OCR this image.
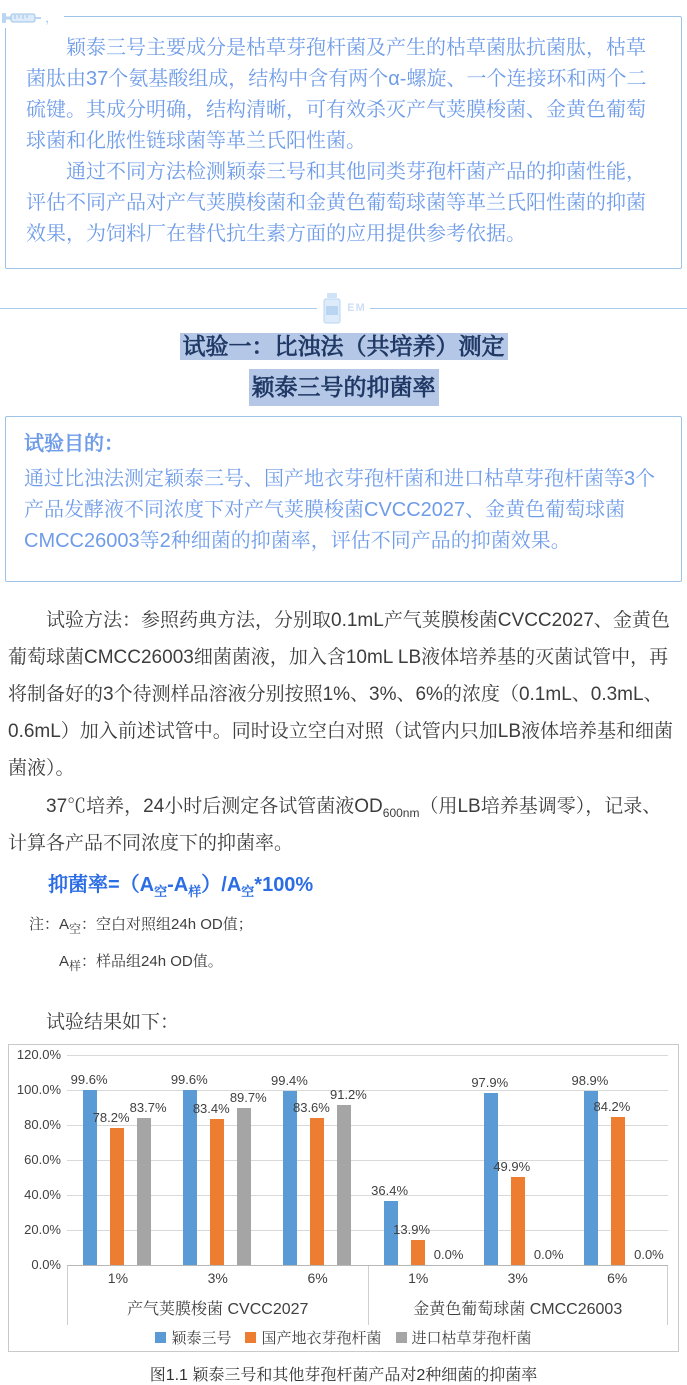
，

颖泰三号主要成分是枯草芽孢杆菌及产生的枯草菌肽抗菌肽，枯草菌肽由37个氨基酸组成，结构中含有两个α-螺旋、一个连接环和两个二硫键。其成分明确，结构清晰，可有效杀灭产气荚膜梭菌、金黄色葡萄球菌和化脓性链球菌等革兰氏阳性菌。

通过不同方法检测颖泰三号和其他同类芽孢杆菌产品的抑菌性能，评估不同产品对产气荚膜梭菌和金黄色葡萄球菌等革兰氏阳性菌的抑菌效果，为饲料厂在替代抗生素方面的应用提供参考依据。

EM
试验一：比浊法（共培养）测定
颖泰三号的抑菌率
试验目的：
通过比浊法测定颖泰三号、国产地衣芽孢杆菌和进口枯草芽孢杆菌等3个产品发酵液不同浓度下对产气荚膜梭菌CVCC2027、金黄色葡萄球菌CMCC26003等2种细菌的抑菌率，评估不同产品的抑菌效果。

试验方法：参照药典方法，分别取0.1mL产气荚膜梭菌CVCC2027、金黄色葡萄球菌CMCC26003细菌菌液，加入含10mL LB液体培养基的灭菌试管中，再将制备好的3个待测样品溶液分别按照1%、3%、6%的浓度（0.1mL、0.3mL、0.6mL）加入前述试管中。同时设立空白对照（试管内只加LB液体培养基和细菌菌液）。

37℃培养，24小时后测定各试管菌液$OD_{600nm}$（用LB培养基调零），记录、计算各产品不同浓度下的抑菌率。

抑菌率$=(A_空-A_样)/A_空*100\%$
注：$A_空$：空白对照组24h OD值；
$A_样$：样品组24h OD值。
试验结果如下：
120.0%
100.0%
80.0%
60.0%
40.0%
20.0%
0.0%
99.6%
78.2%
83.7%
99.6%
83.4%
89.7%
99.4%
83.6%
91.2%
36.4%
13.9%
0.0%
97.9%
49.9%
0.0%
98.9%
84.2%
0.0%
1%	3%	6%
产气荚膜梭菌 CVCC2027
1%	3%	6%
金黄色葡萄球菌 CMCC26003
颖泰三号 国产地衣芽孢杆菌 进口枯草芽孢杆菌
图1.1 颖泰三号和其他芽孢杆菌产品对2种细菌的抑菌率
